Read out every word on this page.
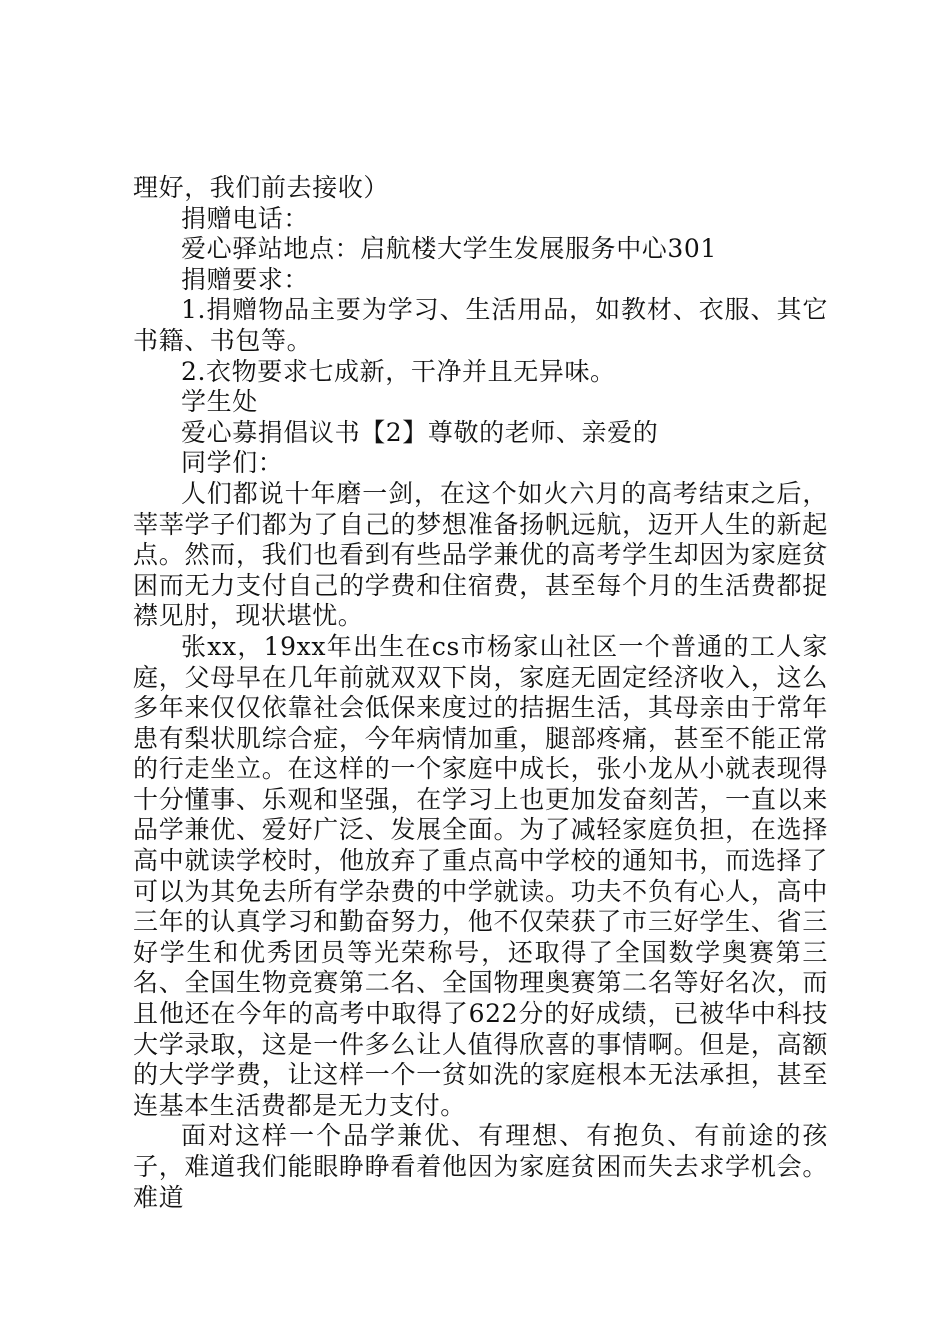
理好，我们前去接收）

捐赠电话：

爱心驿站地点：启航楼大学生发展服务中心301

捐赠要求：

1.捐赠物品主要为学习、生活用品，如教材、衣服、其它书籍、书包等。

2.衣物要求七成新，干净并且无异味。

学生处

爱心募捐倡议书【2】尊敬的老师、亲爱的

同学们：

人们都说十年磨一剑，在这个如火六月的高考结束之后，莘莘学子们都为了自己的梦想准备扬帆远航，迈开人生的新起点。然而，我们也看到有些品学兼优的高考学生却因为家庭贫困而无力支付自己的学费和住宿费，甚至每个月的生活费都捉襟见肘，现状堪忧。

张xx，19xx年出生在cs市杨家山社区一个普通的工人家庭，父母早在几年前就双双下岗，家庭无固定经济收入，这么多年来仅仅依靠社会低保来度过的拮据生活，其母亲由于常年患有梨状肌综合症，今年病情加重，腿部疼痛，甚至不能正常的行走坐立。在这样的一个家庭中成长，张小龙从小就表现得十分懂事、乐观和坚强，在学习上也更加发奋刻苦，一直以来品学兼优、爱好广泛、发展全面。为了减轻家庭负担，在选择高中就读学校时，他放弃了重点高中学校的通知书，而选择了可以为其免去所有学杂费的中学就读。功夫不负有心人，高中三年的认真学习和勤奋努力，他不仅荣获了市三好学生、省三好学生和优秀团员等光荣称号，还取得了全国数学奥赛第三名、全国生物竞赛第二名、全国物理奥赛第二名等好名次，而且他还在今年的高考中取得了622分的好成绩，已被华中科技大学录取，这是一件多么让人值得欣喜的事情啊。但是，高额的大学学费，让这样一个一贫如洗的家庭根本无法承担，甚至连基本生活费都是无力支付。

面对这样一个品学兼优、有理想、有抱负、有前途的孩子，难道我们能眼睁睁看着他因为家庭贫困而失去求学机会。难道
